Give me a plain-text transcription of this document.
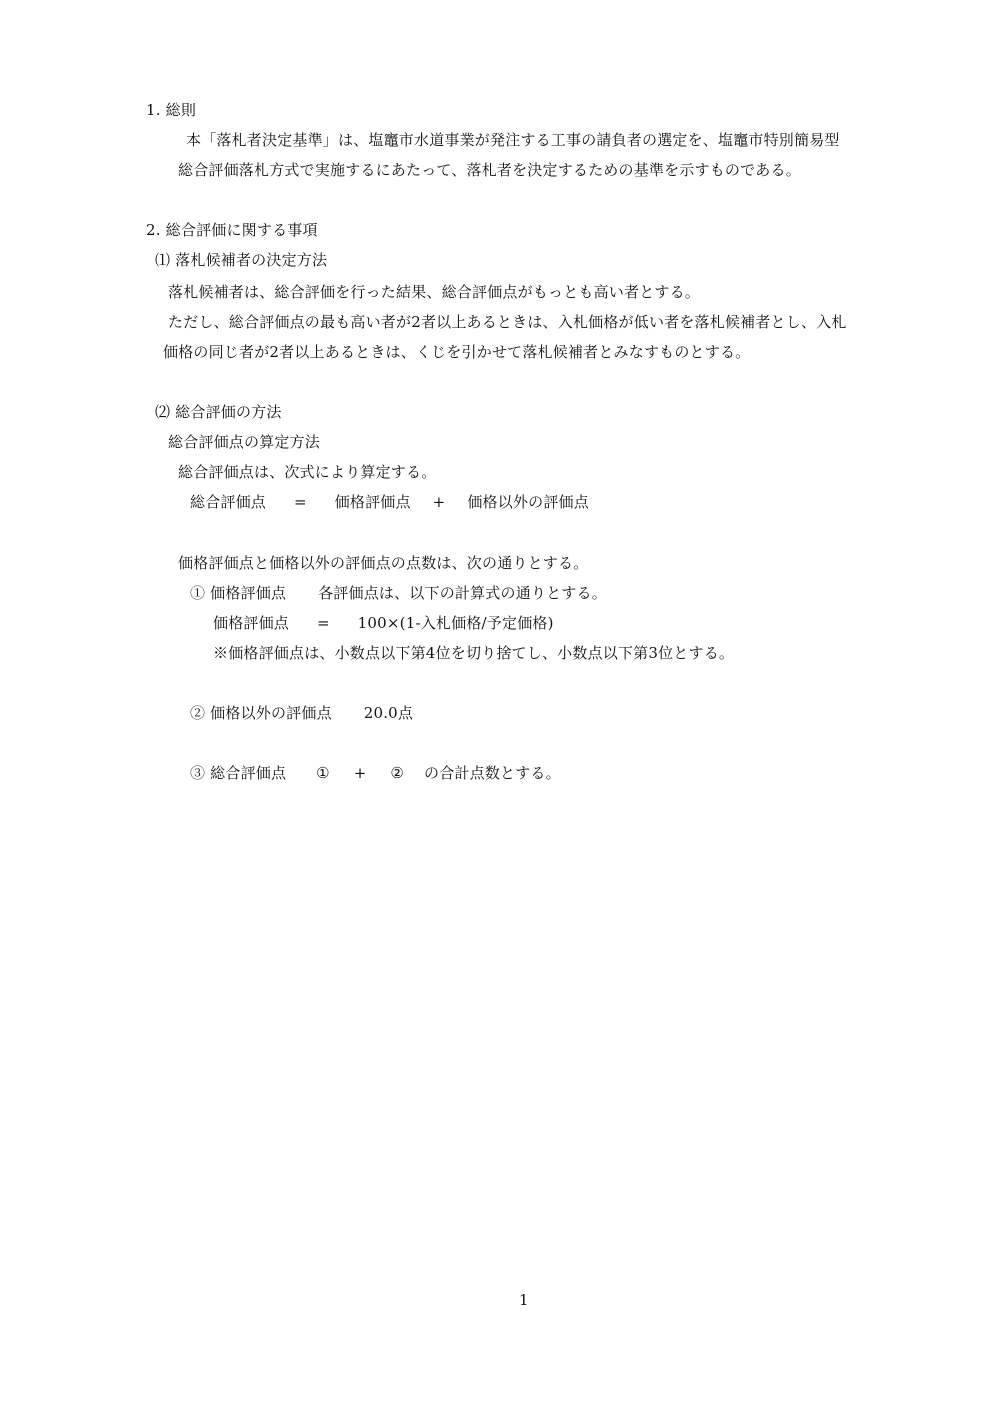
1. 総則
本「落札者決定基準」は、塩竈市水道事業が発注する工事の請負者の選定を、塩竈市特別簡易型
総合評価落札方式で実施するにあたって、落札者を決定するための基準を示すものである。
2. 総合評価に関する事項
⑴ 落札候補者の決定方法
落札候補者は、総合評価を行った結果、総合評価点がもっとも高い者とする。
ただし、総合評価点の最も高い者が2者以上あるときは、入札価格が低い者を落札候補者とし、入札
価格の同じ者が2者以上あるときは、くじを引かせて落札候補者とみなすものとする。
⑵ 総合評価の方法
総合評価点の算定方法
総合評価点は、次式により算定する。
総合評価点 = 価格評価点 + 価格以外の評価点
価格評価点と価格以外の評価点の点数は、次の通りとする。
① 価格評価点 各評価点は、以下の計算式の通りとする。
価格評価点 = 100×(1-入札価格/予定価格)
※価格評価点は、小数点以下第4位を切り捨てし、小数点以下第3位とする。
② 価格以外の評価点 20.0点
③ 総合評価点 ① + ② の合計点数とする。
1
